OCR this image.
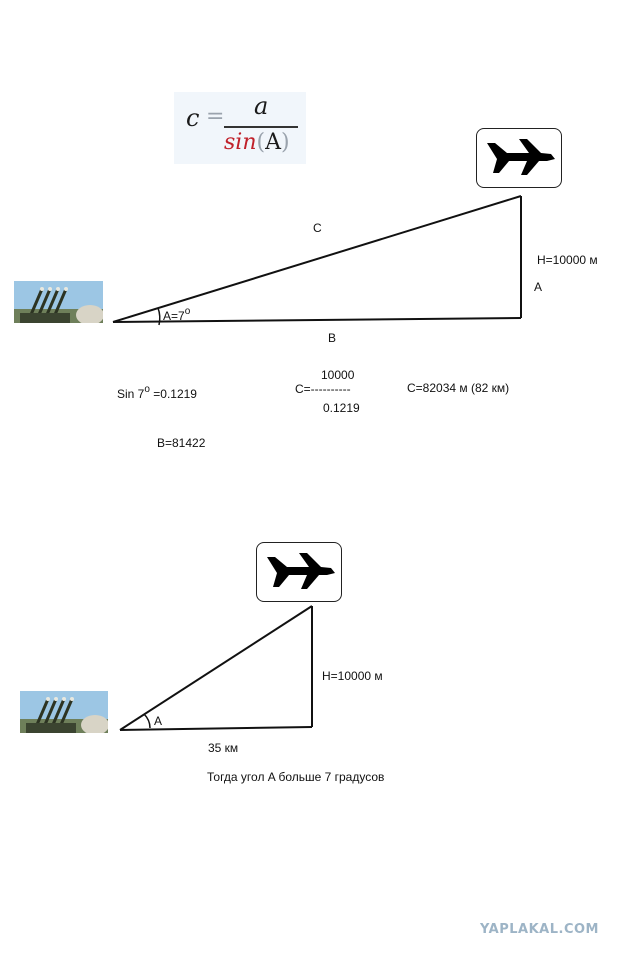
c = a
sin(A)
C
H=10000 м
A
B
$A=7^o$
Sin $7^o =0.1219$
10000
C=----------
0.1219
C=82034 м (82 км)
B=81422
H=10000 м
A
35 км
Тогда угол A больше 7 градусов
YAPLAKAL.COM
